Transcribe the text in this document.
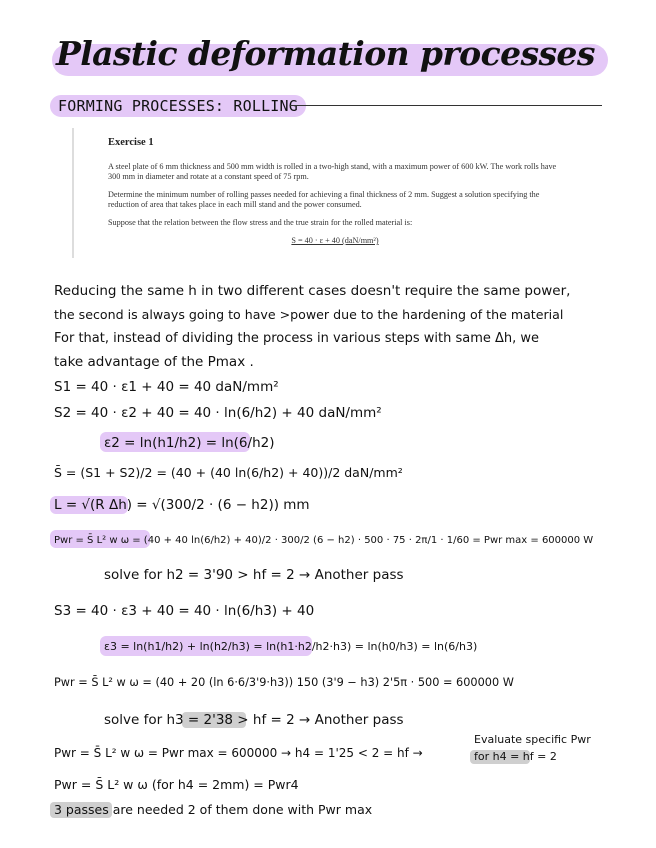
Plastic deformation processes
FORMING PROCESSES: ROLLING

Exercise 1

A steel plate of 6 mm thickness and 500 mm width is rolled in a two-high stand, with a maximum power of 600 kW. The work rolls have 300 mm in diameter and rotate at a constant speed of 75 rpm.

Determine the minimum number of rolling passes needed for achieving a final thickness of 2 mm. Suggest a solution specifying the reduction of area that takes place in each mill stand and the power consumed.

Suppose that the relation between the flow stress and the true strain for the rolled material is:

S = 40 · ε + 40 (daN/mm²)

Reducing the same h in two different cases doesn't require the same power,

the second is always going to have >power due to the hardening of the material

For that, instead of dividing the process in various steps with same Δh, we

take advantage of the Pmax .

S1 = 40 · ε1 + 40 = 40 daN/mm²

S2 = 40 · ε2 + 40 = 40 · ln(6/h2) + 40 daN/mm²

ε2 = ln(h1/h2) = ln(6/h2)

S̄ = (S1 + S2)/2 = (40 + (40 ln(6/h2) + 40))/2 daN/mm²

L = √(R Δh) = √(300/2 · (6 − h2)) mm

Pwr = S̄ L² w ω = (40 + 40 ln(6/h2) + 40)/2 · 300/2 (6 − h2) · 500 · 75 · 2π/1 · 1/60 = Pwr max = 600000 W

solve for h2 = 3'90 > hf = 2 → Another pass

S3 = 40 · ε3 + 40 = 40 · ln(6/h3) + 40

ε3 = ln(h1/h2) + ln(h2/h3) = ln(h1·h2/h2·h3) = ln(h0/h3) = ln(6/h3)

Pwr = S̄ L² w ω = (40 + 20 (ln 6·6/3'9·h3)) 150 (3'9 − h3) 2'5π · 500 = 600000 W

solve for h3 = 2'38 > hf = 2 → Another pass

Pwr = S̄ L² w ω = Pwr max = 600000 → h4 = 1'25 < 2 = hf →

Evaluate specific Pwr

for h4 = hf = 2

Pwr = S̄ L² w ω (for h4 = 2mm) = Pwr4

3 passes are needed 2 of them done with Pwr max
